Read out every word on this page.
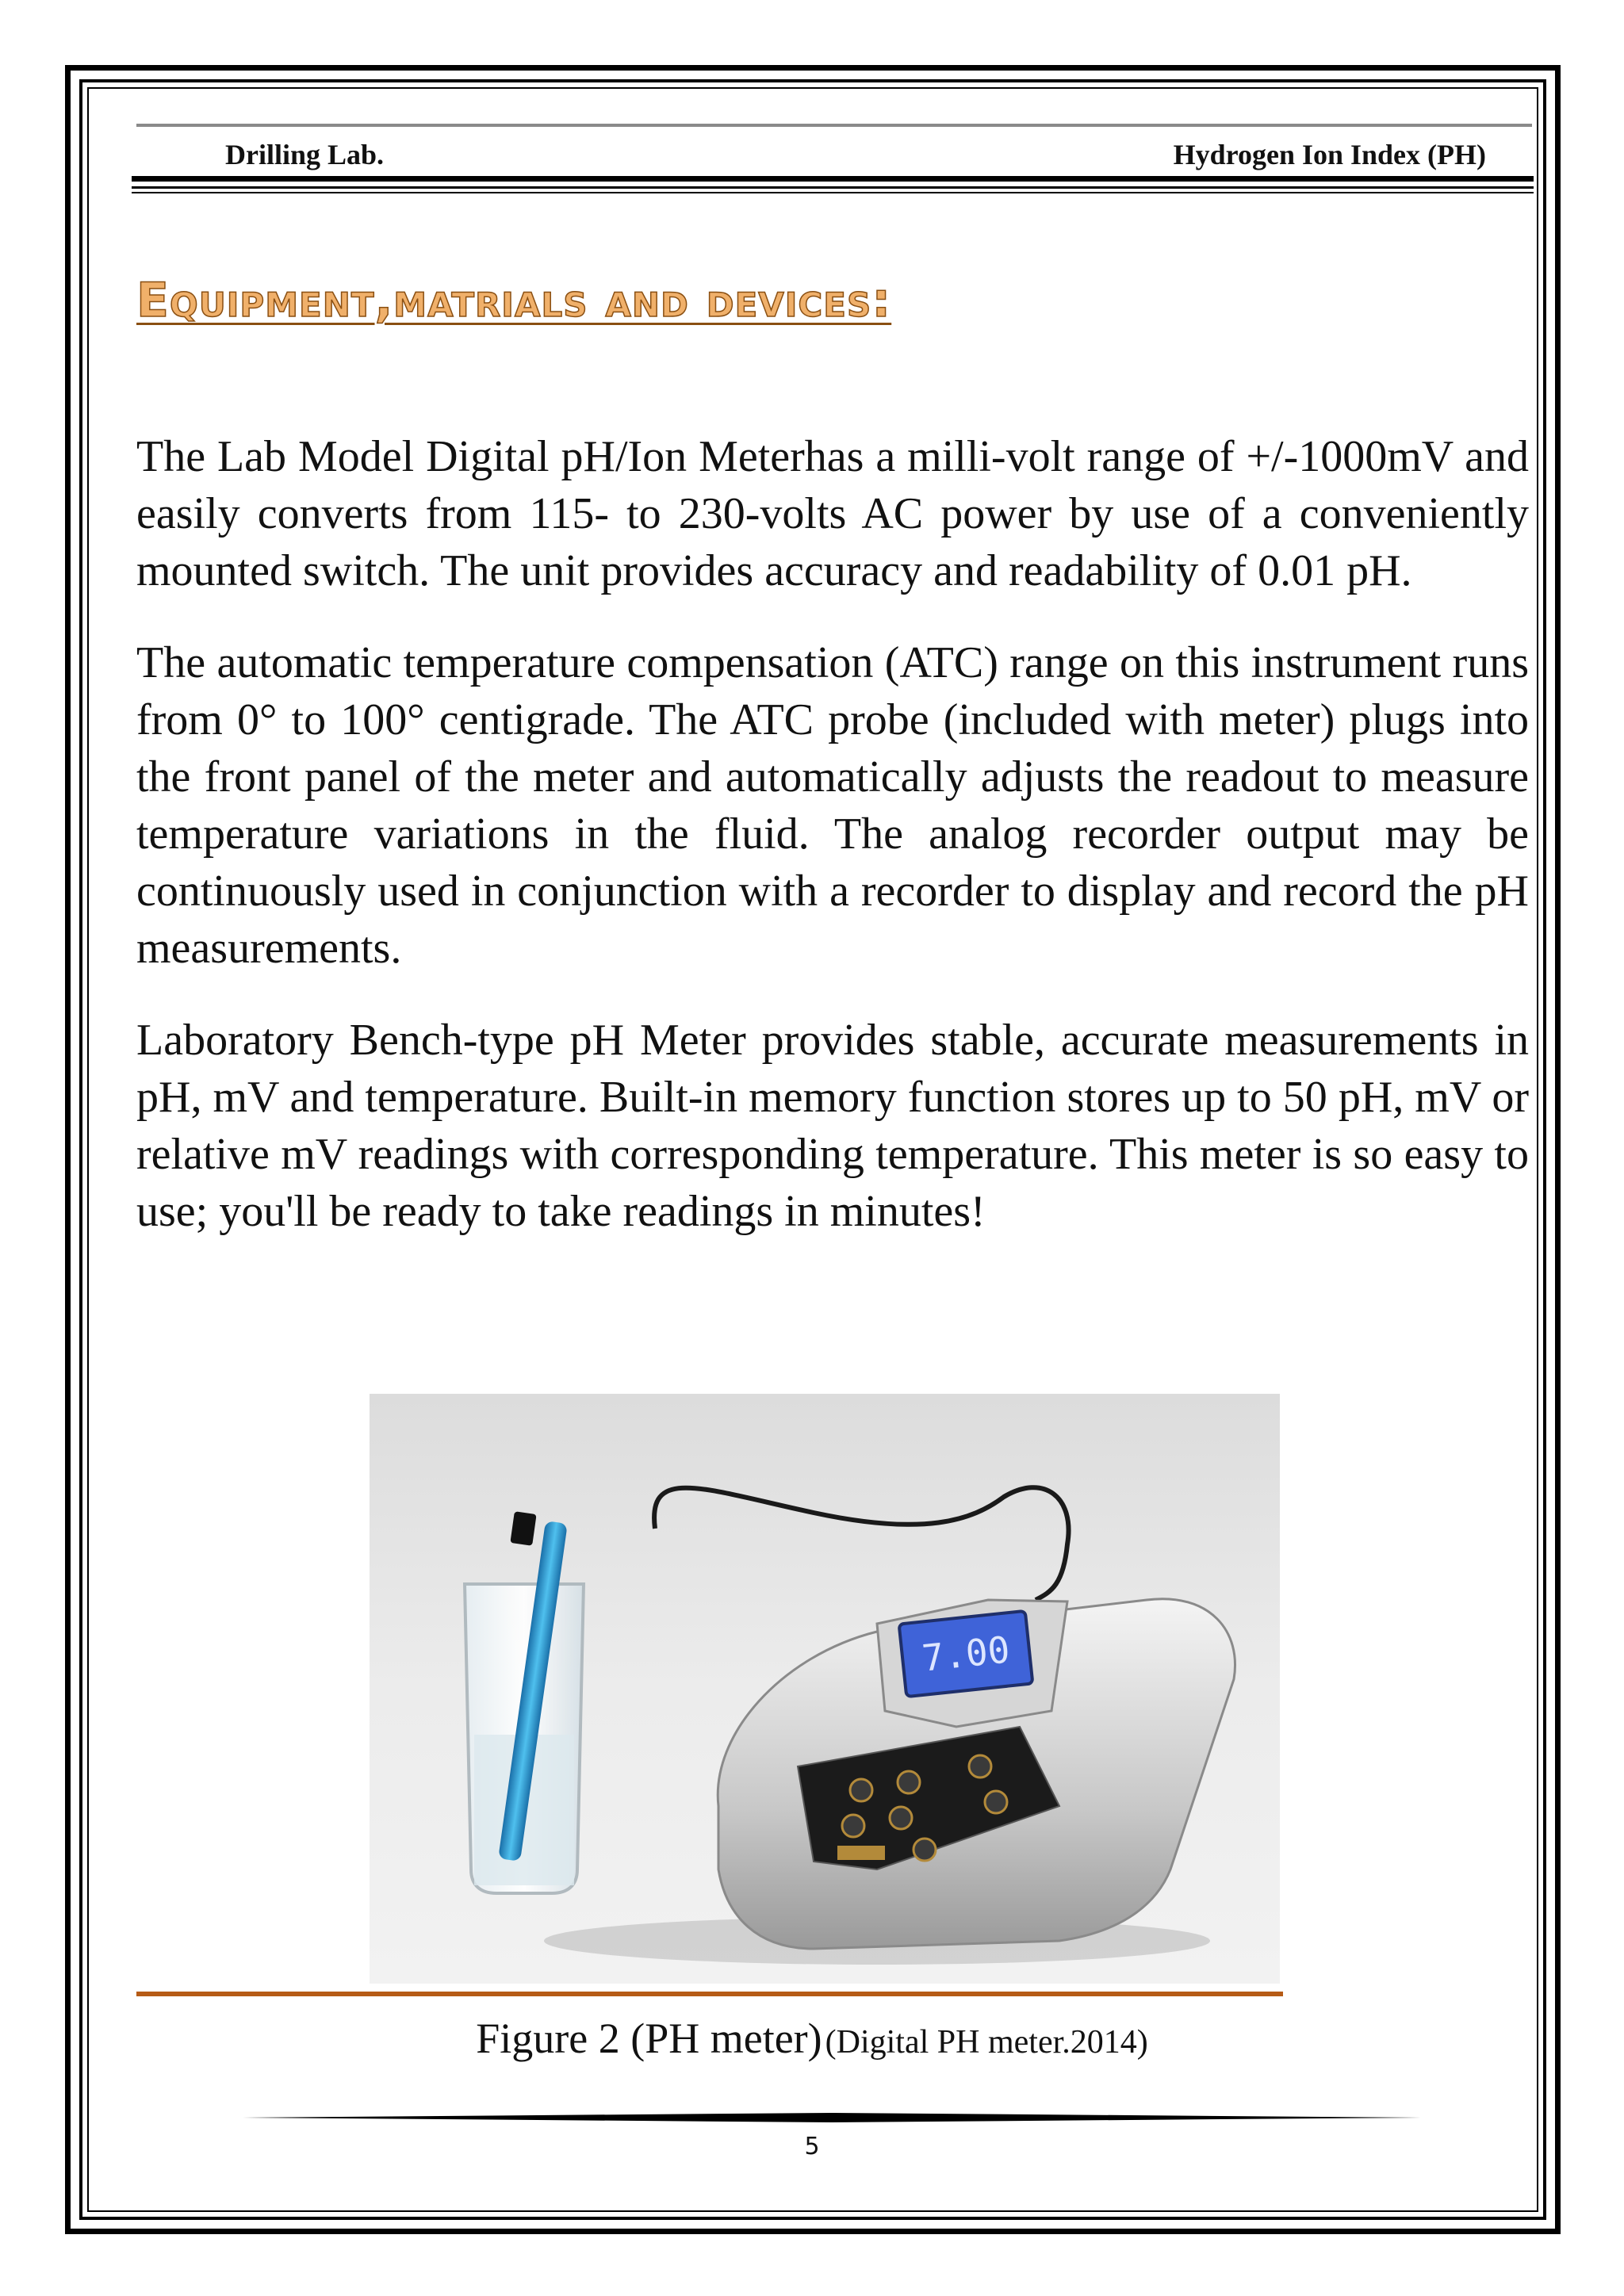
Drilling Lab.	Hydrogen Ion Index (PH)
Equipment,matrials and devices:

The Lab Model Digital pH/Ion Meterhas a milli-volt range of +/-1000mV and easily converts from 115- to 230-volts AC power by use of a conveniently mounted switch. The unit provides accuracy and readability of 0.01 pH.

The automatic temperature compensation (ATC) range on this instrument runs from 0° to 100° centigrade. The ATC probe (included with meter) plugs into the front panel of the meter and automatically adjusts the readout to measure temperature variations in the fluid. The analog recorder output may be continuously used in conjunction with a recorder to display and record the pH measurements.

Laboratory Bench-type pH Meter provides stable, accurate measurements in pH, mV and temperature. Built-in memory function stores up to 50 pH, mV or relative mV readings with corresponding temperature. This meter is so easy to use; you'll be ready to take readings in minutes!

7.00
Figure 2 (PH meter) (Digital PH meter.2014)
5
